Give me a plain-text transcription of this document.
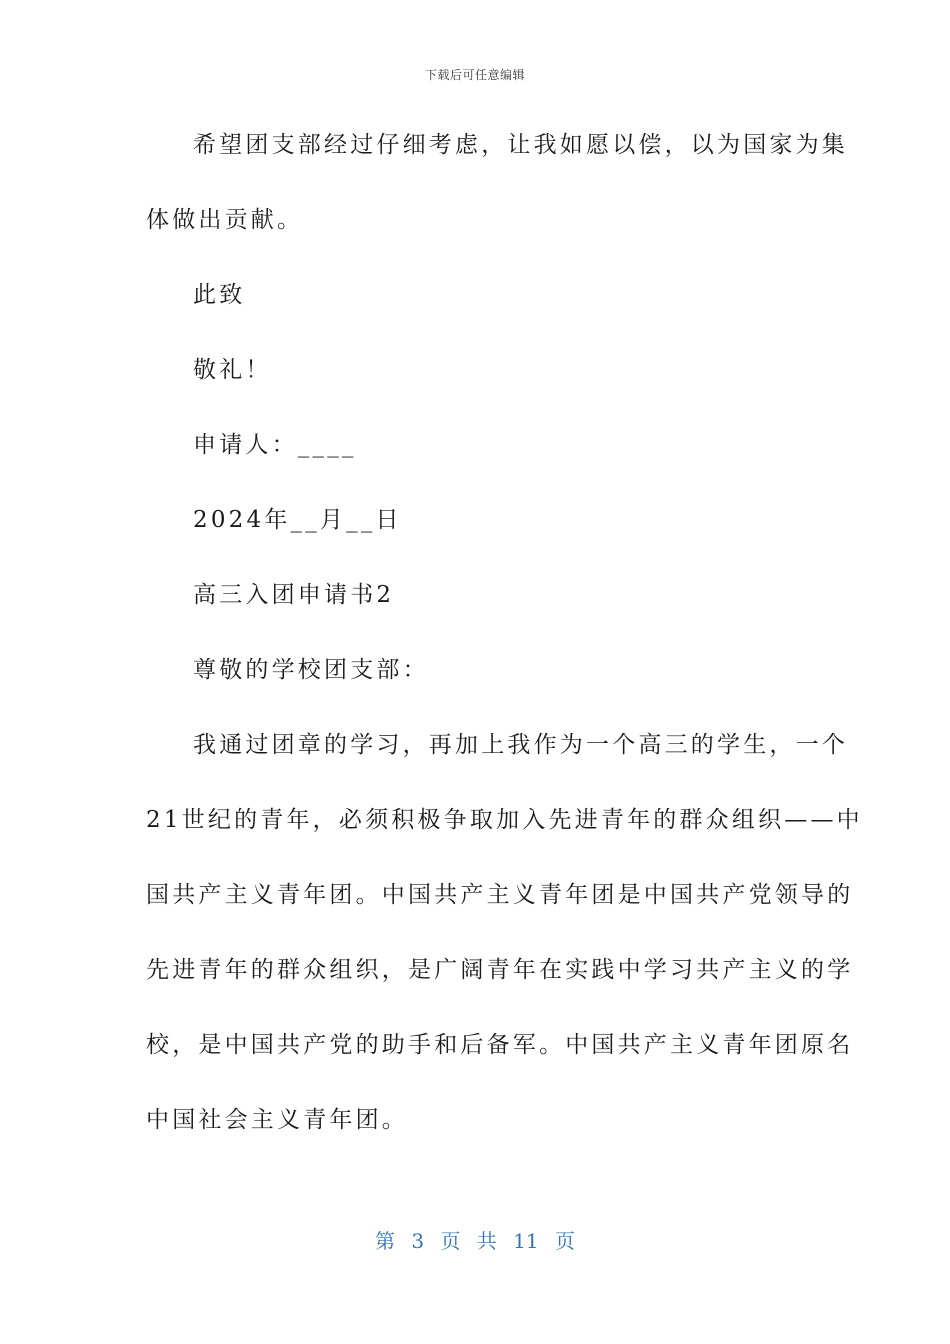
下载后可任意编辑
希望团支部经过仔细考虑，让我如愿以偿，以为国家为集
体做出贡献。
此致
敬礼！
申请人：____
2024年__月__日
高三入团申请书2
尊敬的学校团支部：
我通过团章的学习，再加上我作为一个高三的学生，一个
21世纪的青年，必须积极争取加入先进青年的群众组织——中
国共产主义青年团。中国共产主义青年团是中国共产党领导的
先进青年的群众组织，是广阔青年在实践中学习共产主义的学
校，是中国共产党的助手和后备军。中国共产主义青年团原名
中国社会主义青年团。
第 3 页 共 11 页
